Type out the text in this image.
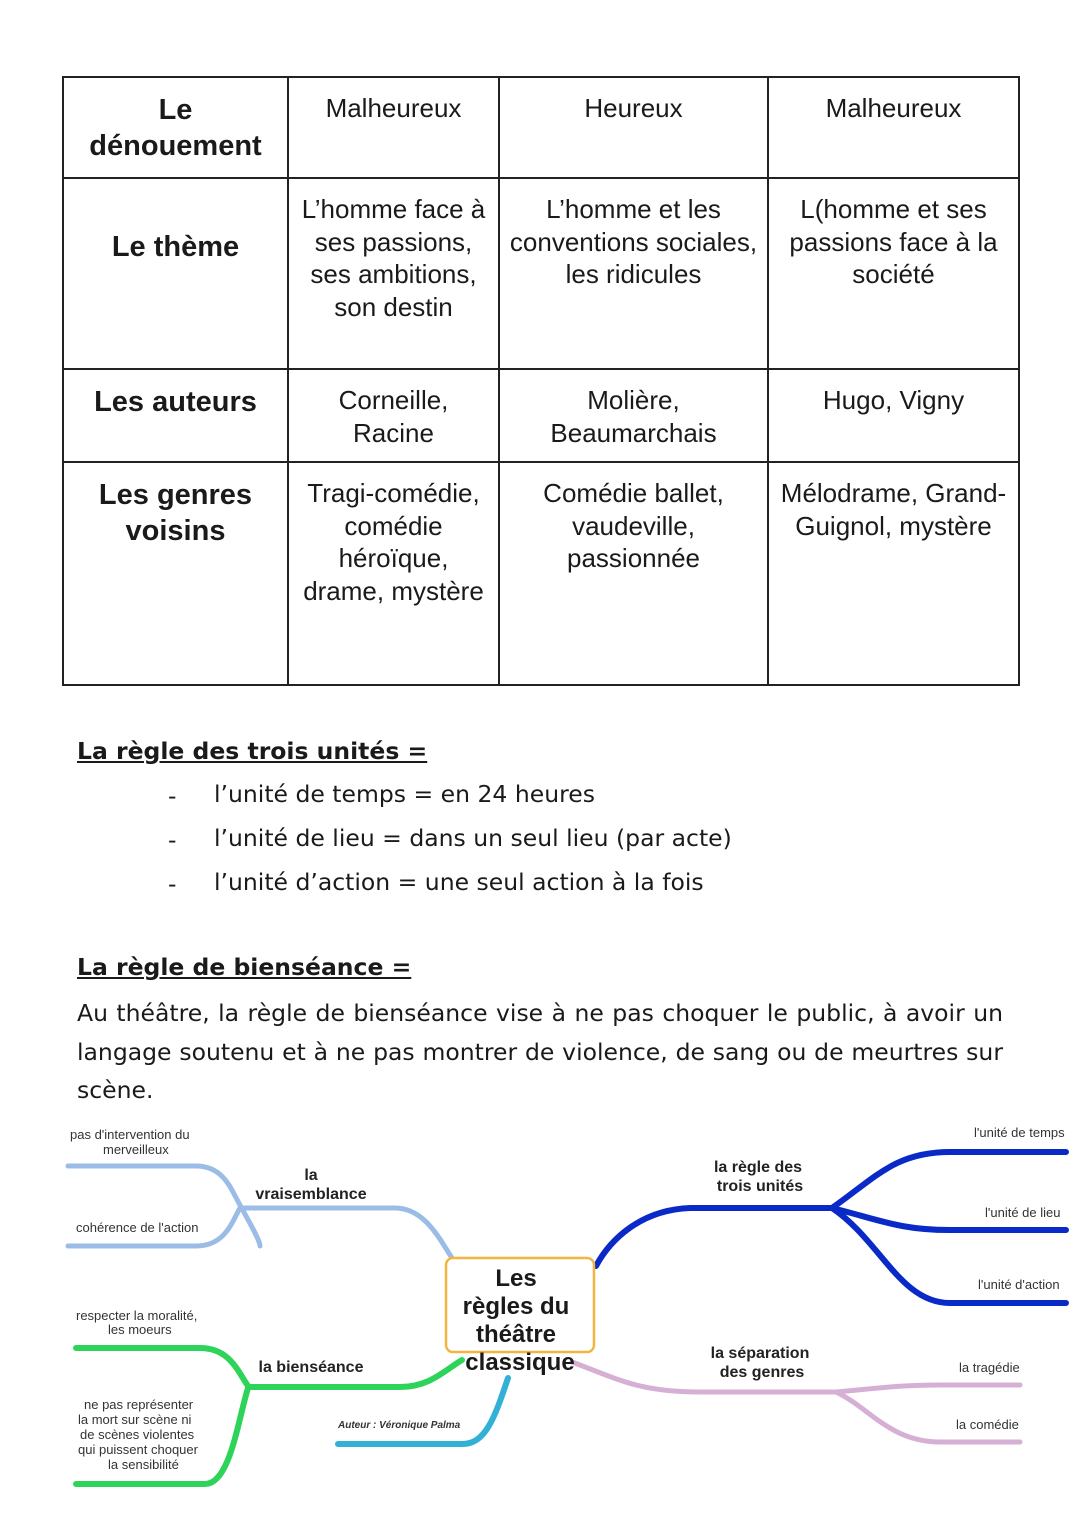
Le dénouement	Malheureux	Heureux	Malheureux
Le thème	L’homme face à ses passions, ses ambitions, son destin	L’homme et les conventions sociales, les ridicules	L(homme et ses passions face à la société
Les auteurs	Corneille, Racine	Molière, Beaumarchais	Hugo, Vigny
Les genres voisins	Tragi-comédie, comédie héroïque, drame, mystère	Comédie ballet, vaudeville, passionnée	Mélodrame, Grand-Guignol, mystère
La règle des trois unités =
- l’unité de temps = en 24 heures
- l’unité de lieu = dans un seul lieu (par acte)
- l’unité d’action = une seul action à la fois
La règle de bienséance =
Au théâtre, la règle de bienséance vise à ne pas choquer le public, à avoir un
langage soutenu et à ne pas montrer de violence, de sang ou de meurtres sur
scène.
Les
règles du
théâtre
classique
la
vraisemblance
la bienséance
la règle des
trois unités
la séparation
des genres
pas d'intervention du
merveilleux
cohérence de l'action
respecter la moralité,
les moeurs
ne pas représenter
la mort sur scène ni
de scènes violentes
qui puissent choquer
la sensibilité
l'unité de temps
l'unité de lieu
l'unité d'action
la tragédie
la comédie
Auteur : Véronique Palma
